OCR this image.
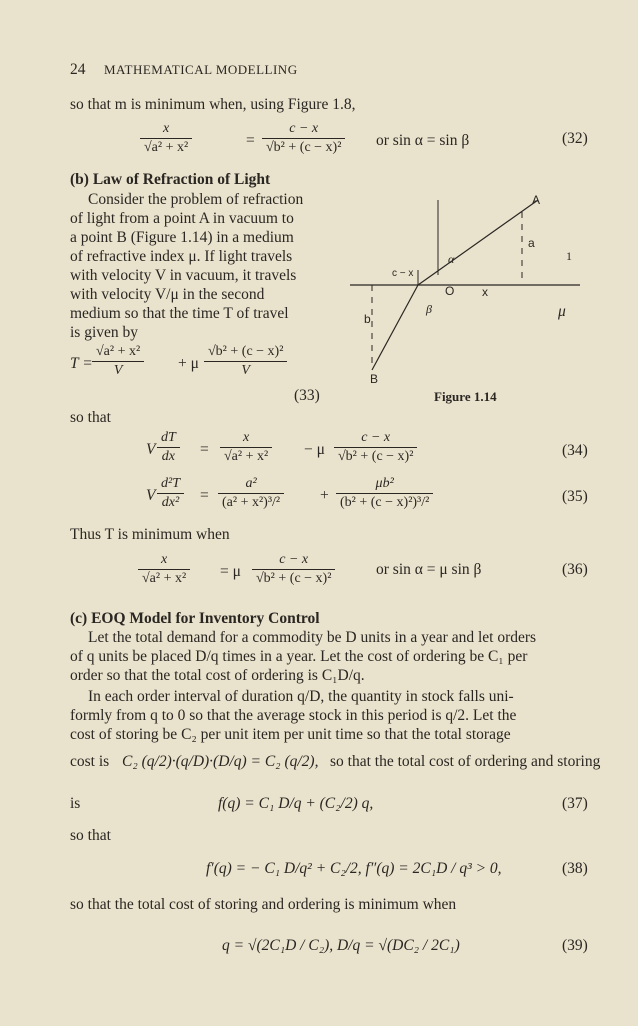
24 MATHEMATICAL MODELLING
so that m is minimum when, using Figure 1.8,
x
√a² + x²	=
c − x
√b² + (c − x)² or sin α = sin β	(32)
(b) Law of Refraction of Light
Consider the problem of refraction
of light from a point A in vacuum to
a point B (Figure 1.14) in a medium
of refractive index μ. If light travels
with velocity V in vacuum, it travels
with velocity V/μ in the second
medium so that the time T of travel
is given by
T =
√a² + x²
V	+ μ
√b² + (c − x)²
V
(33)
A
B
O x
c − x
a
b
α
β
1
μ
Figure 1.14
so that
V
dT
dx =
x
√a² + x² − μ
c − x
√b² + (c − x)²	(34)
V
d²T
dx² =
a²
(a² + x²)³/²	+
μb²
(b² + (c − x)²)³/²	(35)
Thus T is minimum when
x
√a² + x² = μ
c − x
√b² + (c − x)²
or sin α = μ sin β	(36)
(c) EOQ Model for Inventory Control
Let the total demand for a commodity be D units in a year and let orders
of q units be placed D/q times in a year. Let the cost of ordering be C₁ per
order so that the total cost of ordering is C₁D/q.
In each order interval of duration q/D, the quantity in stock falls uni-
formly from q to 0 so that the average stock in this period is q/2. Let the
cost of storing be C₂ per unit item per unit time so that the total storage
cost is C₂ (q/2)·(q/D)·(D/q) = C₂ (q/2), so that the total cost of ordering and storing
is	f(q) = C₁ D/q + (C₂/2) q,	(37)
so that
f′(q) = − C₁ D/q² + C₂/2, f″(q) = 2C₁D / q³ > 0,	(38)
so that the total cost of storing and ordering is minimum when
q = √(2C₁D / C₂), D/q = √(DC₂ / 2C₁)	(39)
